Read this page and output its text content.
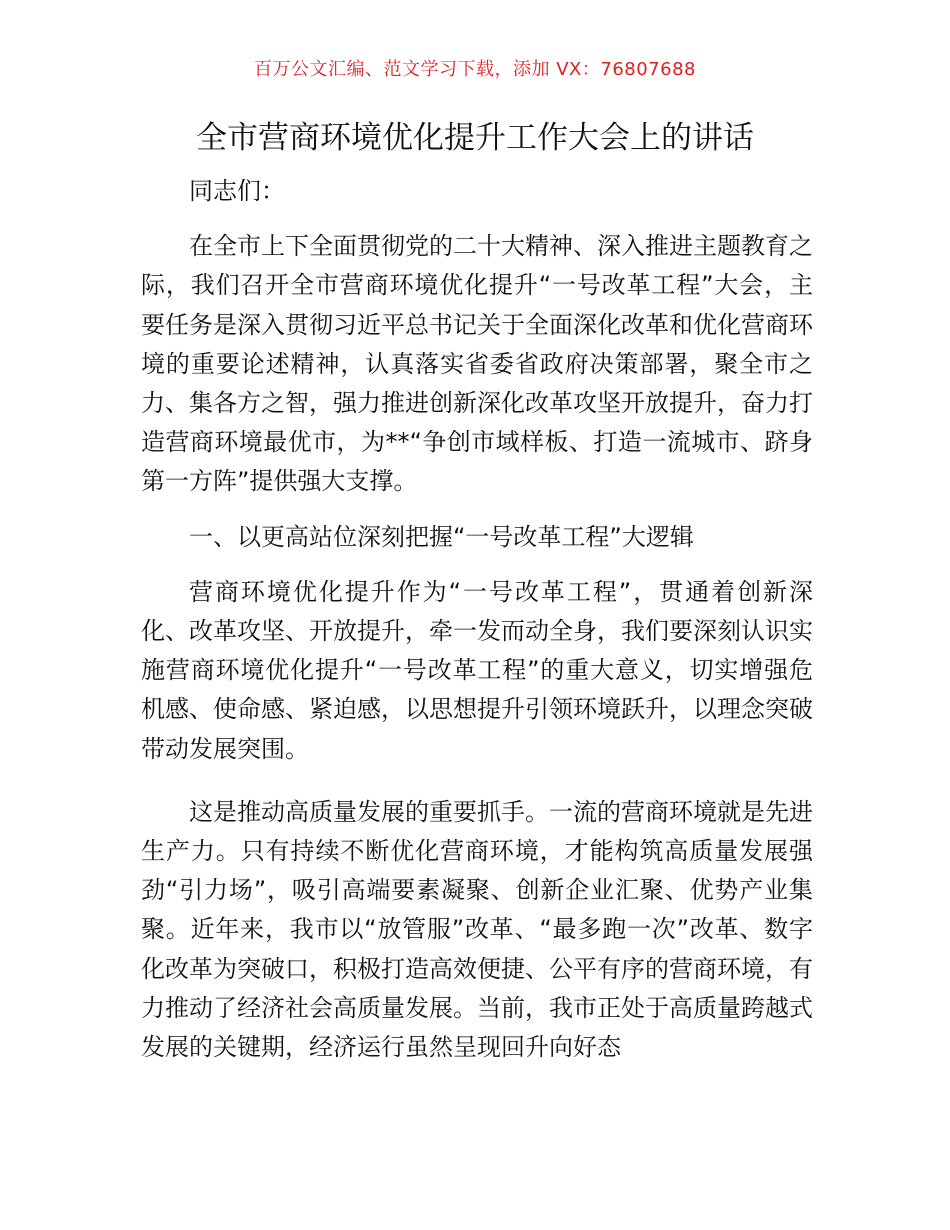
百万公文汇编、范文学习下载，添加 VX：76807688
全市营商环境优化提升工作大会上的讲话

同志们：

在全市上下全面贯彻党的二十大精神、深入推进主题教育之际，我们召开全市营商环境优化提升“一号改革工程”大会，主要任务是深入贯彻习近平总书记关于全面深化改革和优化营商环境的重要论述精神，认真落实省委省政府决策部署，聚全市之力、集各方之智，强力推进创新深化改革攻坚开放提升，奋力打造营商环境最优市，为**“争创市域样板、打造一流城市、跻身第一方阵”提供强大支撑。

一、以更高站位深刻把握“一号改革工程”大逻辑

营商环境优化提升作为“一号改革工程”，贯通着创新深化、改革攻坚、开放提升，牵一发而动全身，我们要深刻认识实施营商环境优化提升“一号改革工程”的重大意义，切实增强危机感、使命感、紧迫感，以思想提升引领环境跃升，以理念突破带动发展突围。

这是推动高质量发展的重要抓手。一流的营商环境就是先进生产力。只有持续不断优化营商环境，才能构筑高质量发展强劲“引力场”，吸引高端要素凝聚、创新企业汇聚、优势产业集聚。近年来，我市以“放管服”改革、“最多跑一次”改革、数字化改革为突破口，积极打造高效便捷、公平有序的营商环境，有力推动了经济社会高质量发展。当前，我市正处于高质量跨越式发展的关键期，经济运行虽然呈现回升向好态
